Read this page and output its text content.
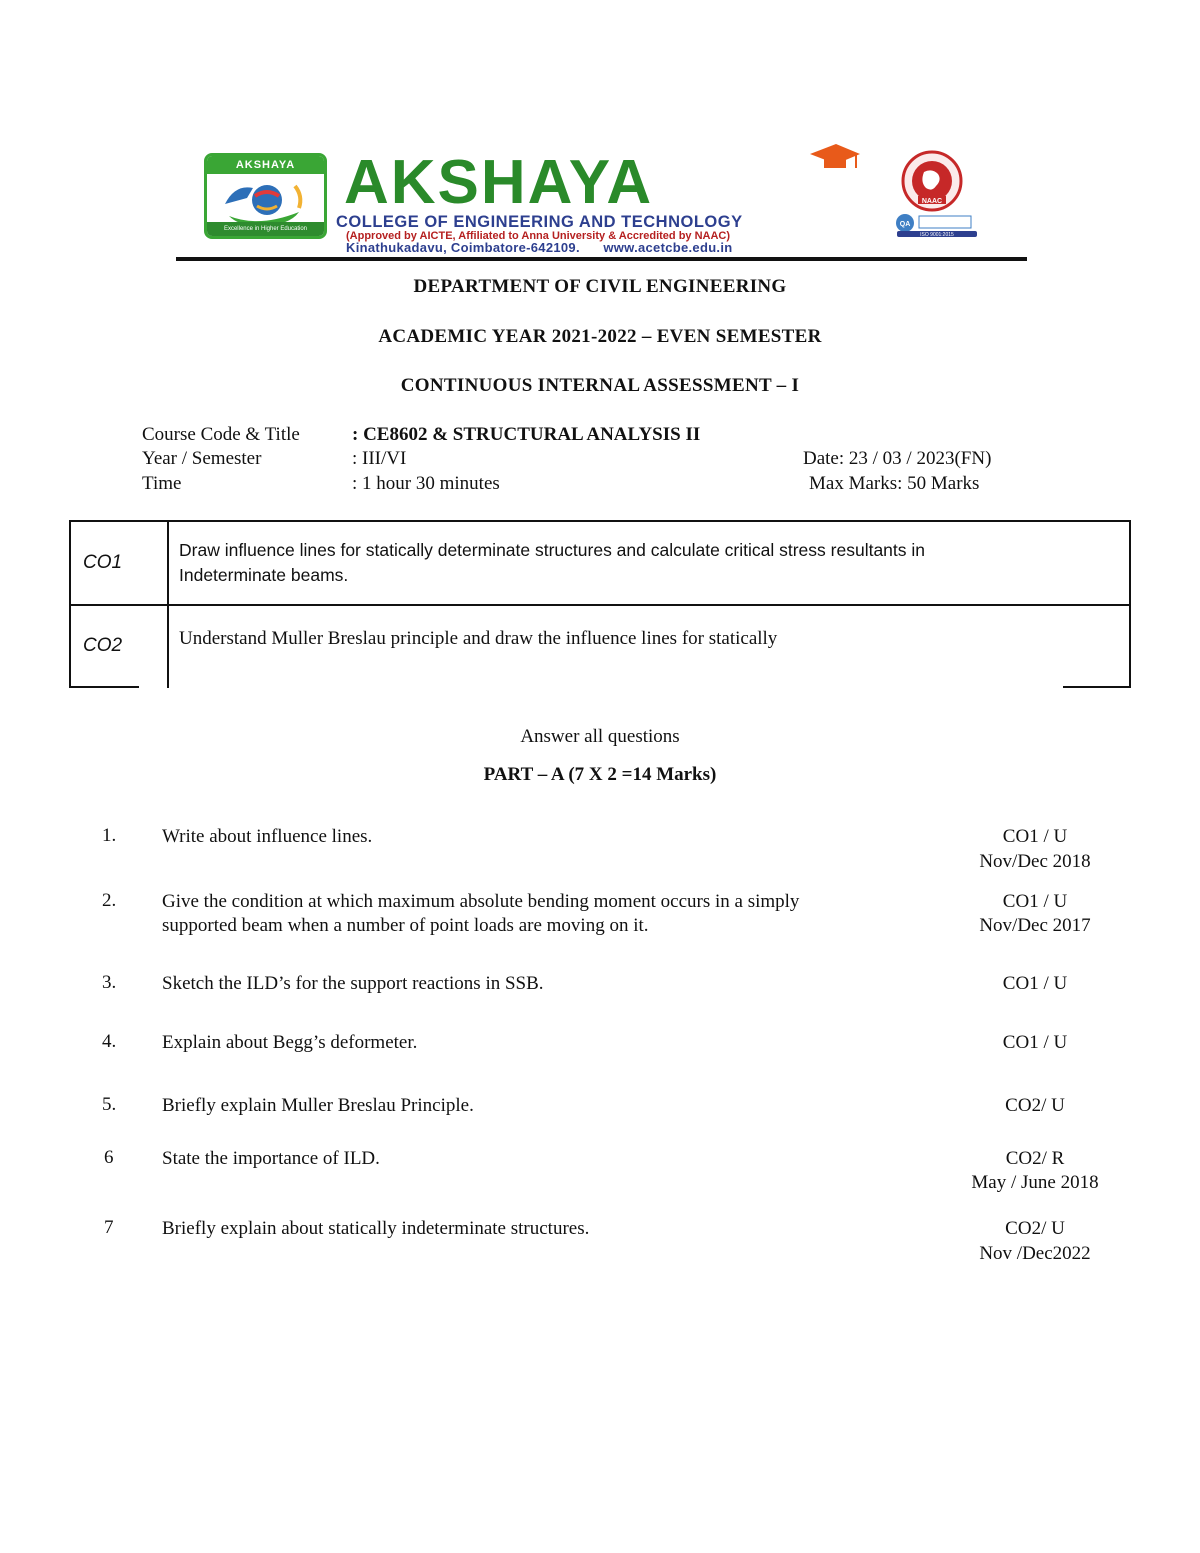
AKSHAYA
Excellence in Higher Education
AKSHAYA
COLLEGE OF ENGINEERING AND TECHNOLOGY
(Approved by AICTE, Affiliated to Anna University & Accredited by NAAC)
Kinathukadavu, Coimbatore-642109.      www.acetcbe.edu.in
NAAC
QA
ISO 9001:2015
DEPARTMENT OF CIVIL ENGINEERING
ACADEMIC YEAR 2021-2022 – EVEN SEMESTER
CONTINUOUS INTERNAL ASSESSMENT – I
Course Code & Title	: CE8602 & STRUCTURAL ANALYSIS II
Year / Semester	: III/VI	Date: 23 / 03 / 2023(FN)
Time	: 1 hour 30 minutes	Max Marks: 50 Marks
CO1
Draw influence lines for statically determinate structures and calculate critical stress resultants in
Indeterminate beams.
CO2	Understand Muller Breslau principle and draw the influence lines for statically
Answer all questions
PART – A (7 X 2 =14 Marks)
1. Write about influence lines.	CO1 / U
Nov/Dec 2018
2. Give the condition at which maximum absolute bending moment occurs in a simply
supported beam when a number of point loads are moving on it.
CO1 / U
Nov/Dec 2017
3. Sketch the ILD’s for the support reactions in SSB.	CO1 / U
4. Explain about Begg’s deformeter.	CO1 / U
5. Briefly explain Muller Breslau Principle.	CO2/ U
6	State the importance of ILD.	CO2/ R
May / June 2018
7	Briefly explain about statically indeterminate structures.	CO2/ U
Nov /Dec2022
